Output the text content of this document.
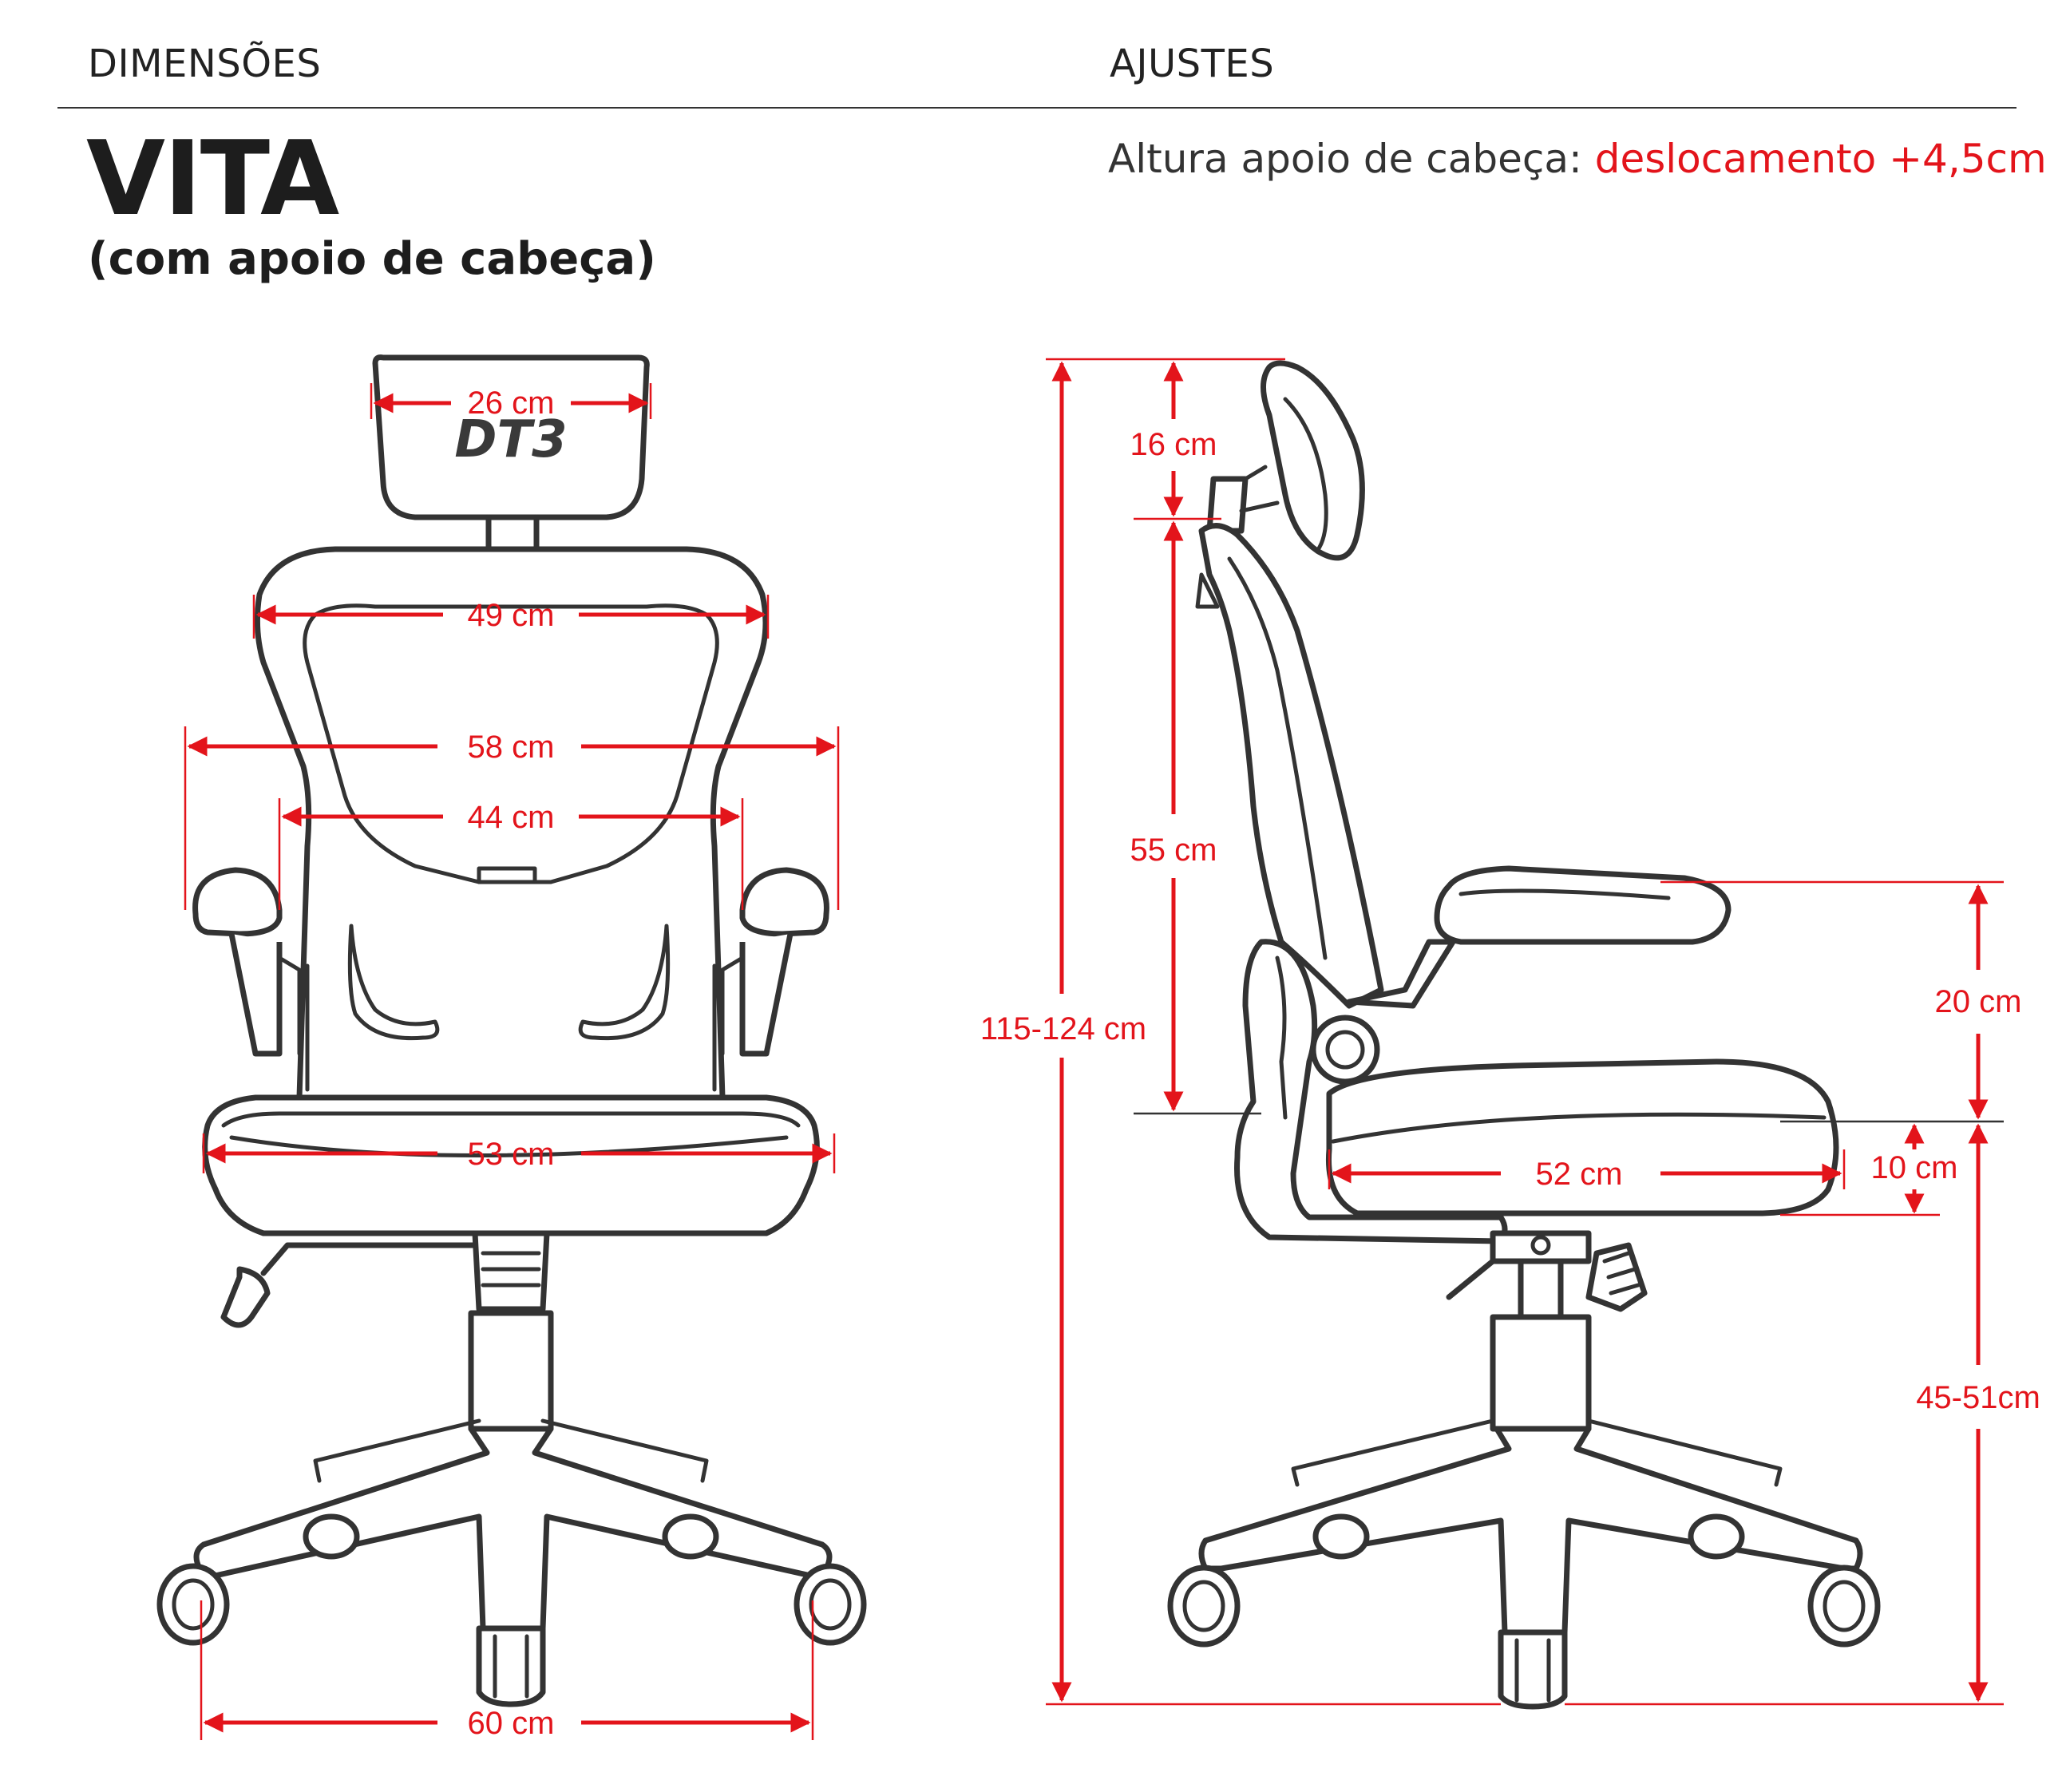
DIMENSÕES	AJUSTES
VITA
(com apoio de cabeça)
Altura apoio de cabeça: deslocamento +4,5cm
DT3
26 cm
49 cm
58 cm
44 cm
53 cm
60 cm
115-124 cm
16 cm
55 cm
20 cm
10 cm
52 cm
45-51cm
